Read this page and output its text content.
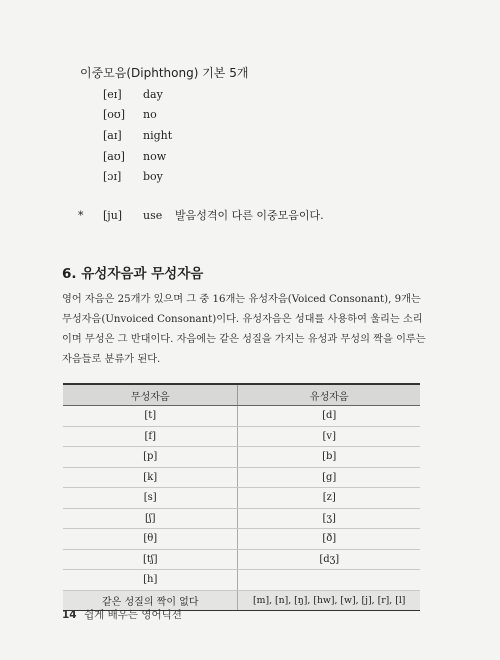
이중모음(Diphthong) 기본 5개
[eɪ]	day
[oʊ]	no
[aɪ]	night
[aʊ]	now
[ɔɪ]	boy
*	[ju]	use	발음성격이 다른 이중모음이다.
6. 유성자음과 무성자음

영어 자음은 25개가 있으며 그 중 16개는 유성자음(Voiced Consonant), 9개는 무성자음(Unvoiced Consonant)이다. 유성자음은 성대를 사용하여 울리는 소리이며 무성은 그 반대이다. 자음에는 같은 성질을 가지는 유성과 무성의 짝을 이루는 자음들로 분류가 된다.

무성자음	유성자음
[t]	[d]
[f]	[v]
[p]	[b]
[k]	[g]
[s]	[z]
[ʃ]	[ʒ]
[θ]	[ð]
[tʃ]	[dʒ]
[h]	
같은 성질의 짝이 없다	[m], [n], [ŋ], [hw], [w], [j], [r], [l]
14 쉽게 배우는 영어딕션
